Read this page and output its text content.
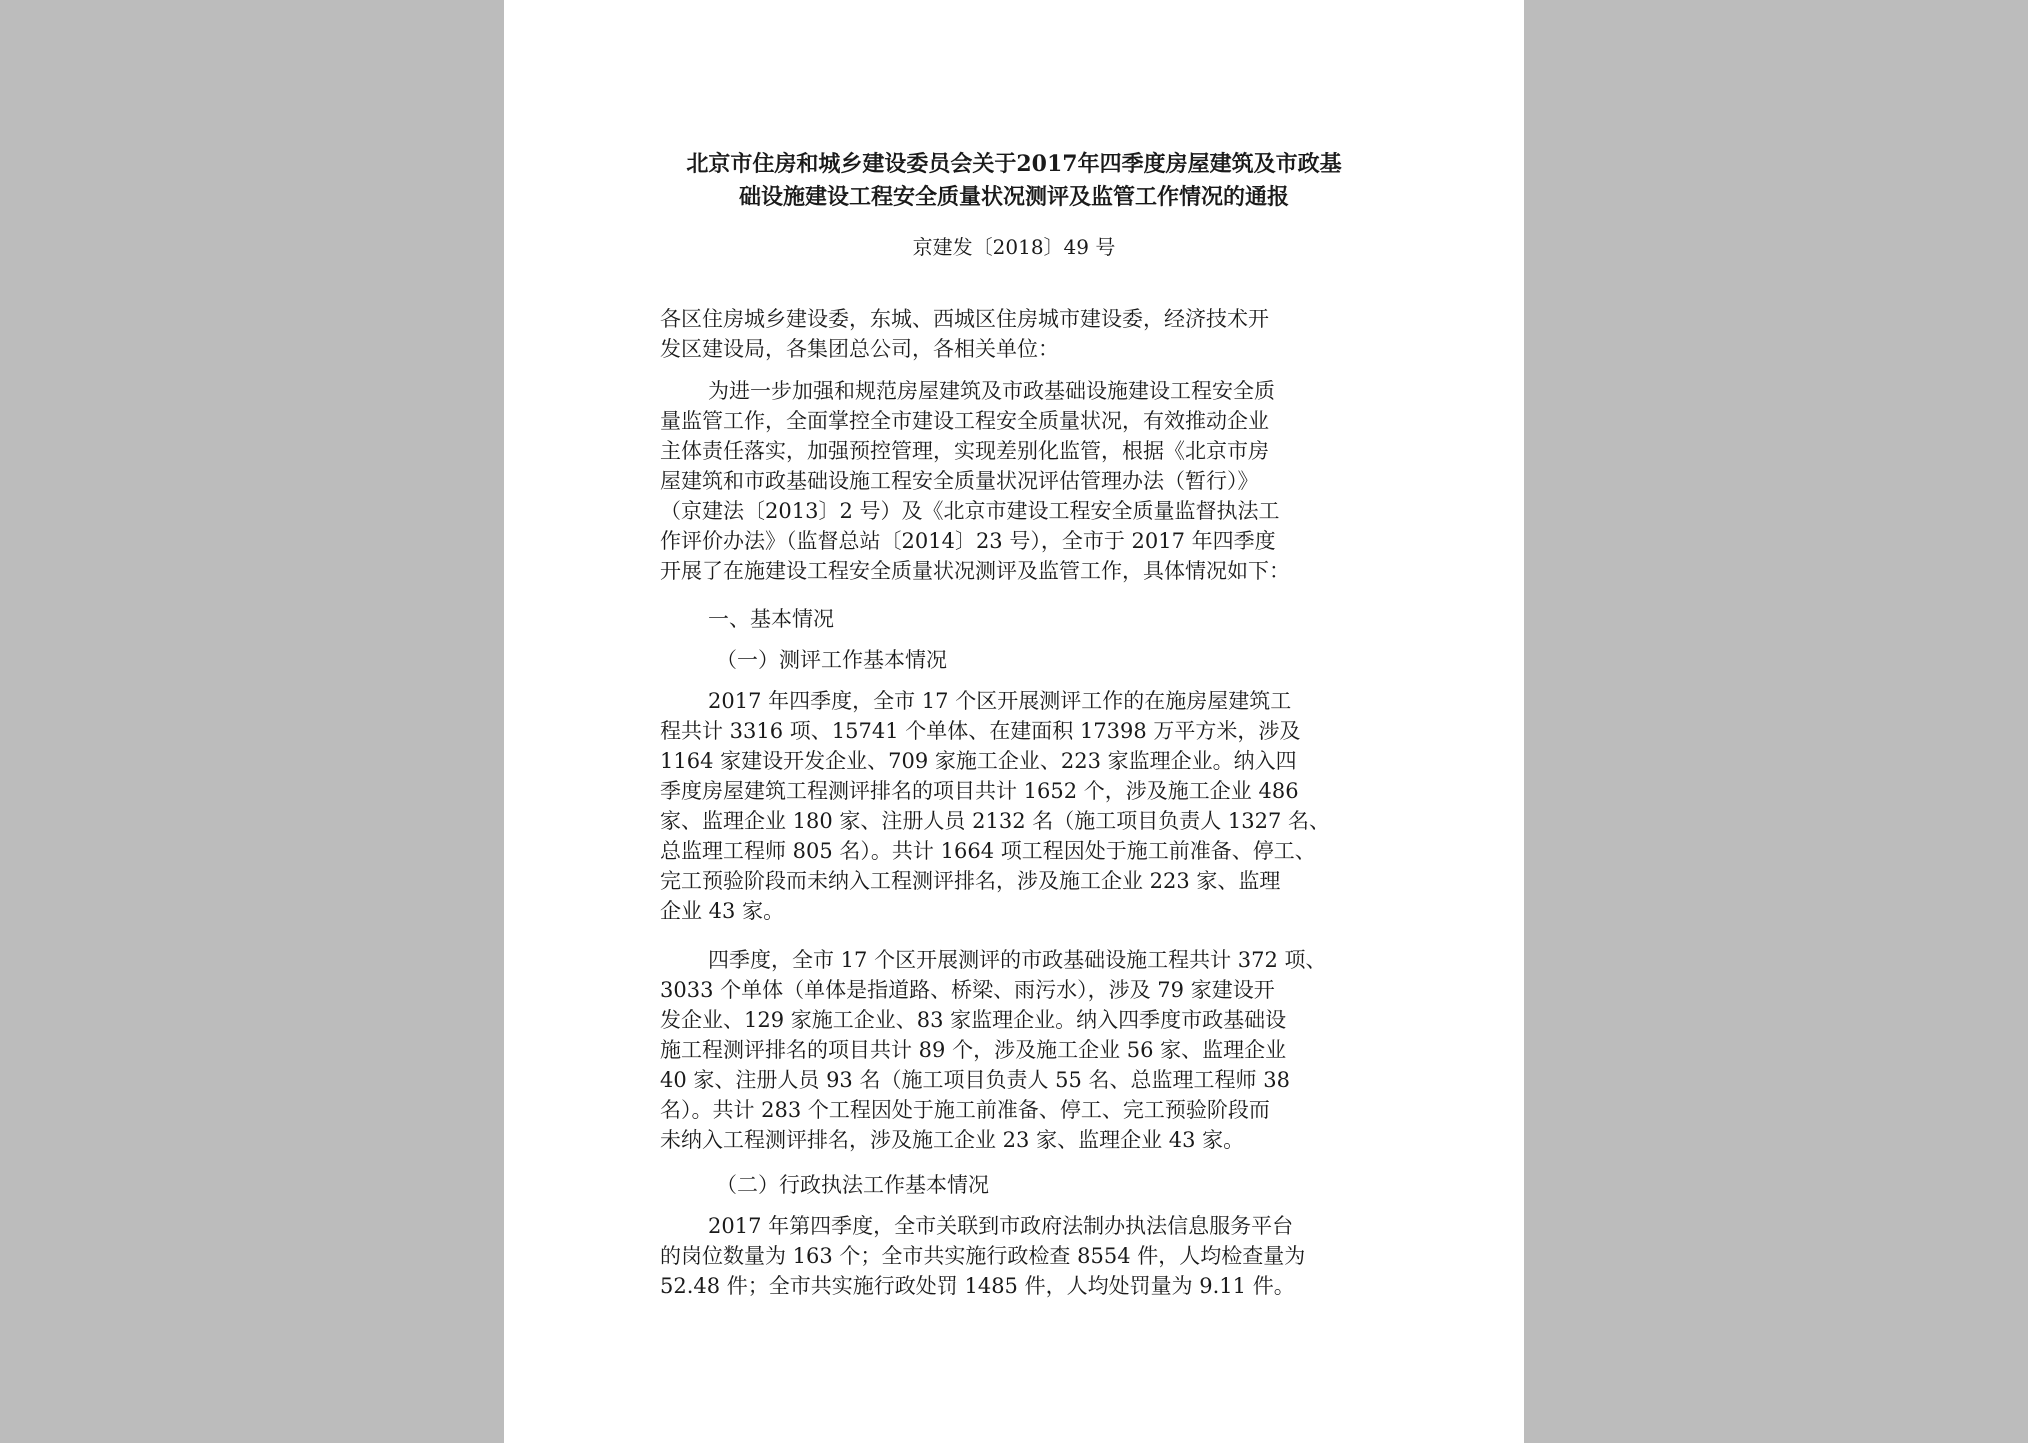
北京市住房和城乡建设委员会关于2017年四季度房屋建筑及市政基
础设施建设工程安全质量状况测评及监管工作情况的通报
京建发〔2018〕49 号
各区住房城乡建设委，东城、西城区住房城市建设委，经济技术开
发区建设局，各集团总公司，各相关单位：
为进一步加强和规范房屋建筑及市政基础设施建设工程安全质
量监管工作，全面掌控全市建设工程安全质量状况，有效推动企业
主体责任落实，加强预控管理，实现差别化监管，根据《北京市房
屋建筑和市政基础设施工程安全质量状况评估管理办法（暂行）》
（京建法〔2013〕2 号）及《北京市建设工程安全质量监督执法工
作评价办法》（监督总站〔2014〕23 号），全市于 2017 年四季度
开展了在施建设工程安全质量状况测评及监管工作，具体情况如下：
一、基本情况
（一）测评工作基本情况
2017 年四季度，全市 17 个区开展测评工作的在施房屋建筑工
程共计 3316 项、15741 个单体、在建面积 17398 万平方米，涉及
1164 家建设开发企业、709 家施工企业、223 家监理企业。纳入四
季度房屋建筑工程测评排名的项目共计 1652 个，涉及施工企业 486
家、监理企业 180 家、注册人员 2132 名（施工项目负责人 1327 名、
总监理工程师 805 名）。共计 1664 项工程因处于施工前准备、停工、
完工预验阶段而未纳入工程测评排名，涉及施工企业 223 家、监理
企业 43 家。
四季度，全市 17 个区开展测评的市政基础设施工程共计 372 项、
3033 个单体（单体是指道路、桥梁、雨污水），涉及 79 家建设开
发企业、129 家施工企业、83 家监理企业。纳入四季度市政基础设
施工程测评排名的项目共计 89 个，涉及施工企业 56 家、监理企业
40 家、注册人员 93 名（施工项目负责人 55 名、总监理工程师 38
名）。共计 283 个工程因处于施工前准备、停工、完工预验阶段而
未纳入工程测评排名，涉及施工企业 23 家、监理企业 43 家。
（二）行政执法工作基本情况
2017 年第四季度，全市关联到市政府法制办执法信息服务平台
的岗位数量为 163 个；全市共实施行政检查 8554 件，人均检查量为
52.48 件；全市共实施行政处罚 1485 件，人均处罚量为 9.11 件。
